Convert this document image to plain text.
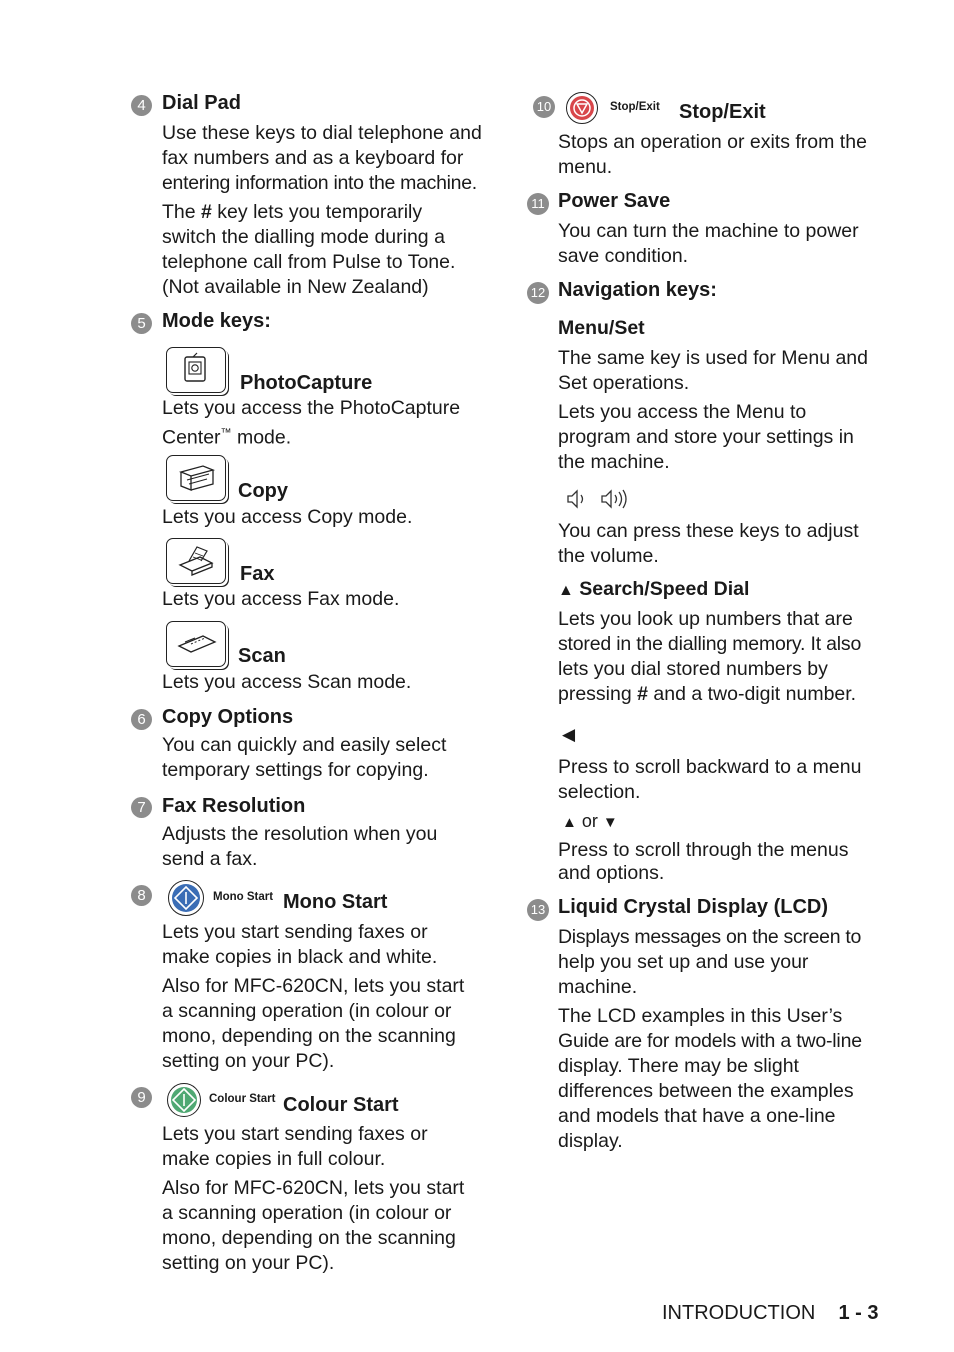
4 Dial Pad
Use these keys to dial telephone and
fax numbers and as a keyboard for
entering information into the machine.
The # key lets you temporarily
switch the dialling mode during a
telephone call from Pulse to Tone.
(Not available in New Zealand)
5 Mode keys:
PhotoCapture
Lets you access the PhotoCapture
Center™ mode.
Copy
Lets you access Copy mode.
Fax
Lets you access Fax mode.
Scan
Lets you access Scan mode.
6 Copy Options
You can quickly and easily select
temporary settings for copying.
7 Fax Resolution
Adjusts the resolution when you
send a fax.
8	Mono Start Mono Start
Lets you start sending faxes or
make copies in black and white.
Also for MFC-620CN, lets you start
a scanning operation (in colour or
mono, depending on the scanning
setting on your PC).
9	Colour Start Colour Start
Lets you start sending faxes or
make copies in full colour.
Also for MFC-620CN, lets you start
a scanning operation (in colour or
mono, depending on the scanning
setting on your PC).
10	Stop/Exit Stop/Exit
Stops an operation or exits from the
menu.
11 Power Save
You can turn the machine to power
save condition.
12 Navigation keys:
Menu/Set
The same key is used for Menu and
Set operations.
Lets you access the Menu to
program and store your settings in
the machine.
You can press these keys to adjust
the volume.
▲ Search/Speed Dial
Lets you look up numbers that are
stored in the dialling memory. It also
lets you dial stored numbers by
pressing # and a two-digit number.
◀
Press to scroll backward to a menu
selection.
▲ or ▼
Press to scroll through the menus
and options.
13 Liquid Crystal Display (LCD)
Displays messages on the screen to
help you set up and use your
machine.
The LCD examples in this User’s
Guide are for models with a two-line
display. There may be slight
differences between the examples
and models that have a one-line
display.
INTRODUCTION 1 - 3
